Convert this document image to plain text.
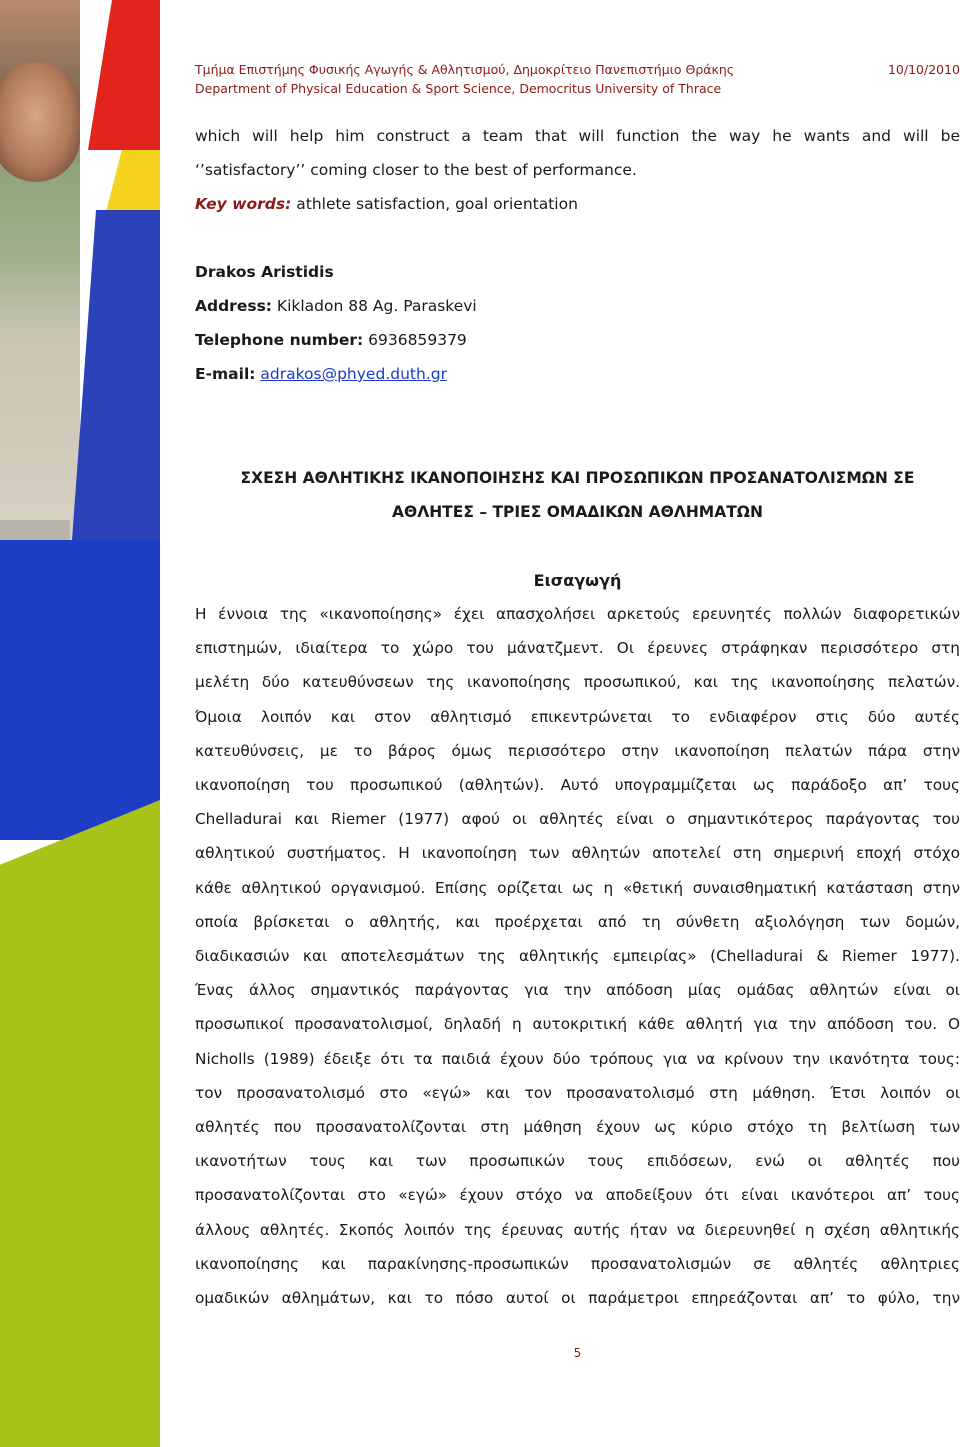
Τμήμα Επιστήμης Φυσικής Αγωγής & Αθλητισμού, Δημοκρίτειο Πανεπιστήμιο Θράκης
Department of Physical Education & Sport Science, Democritus University of Thrace
10/10/2010
which will help him construct a team that will function the way he wants and will be
‘’satisfactory’’ coming closer to the best of performance.
Key words: athlete satisfaction, goal orientation
Drakos Aristidis
Address: Kikladon 88 Ag. Paraskevi
Telephone number: 6936859379
E-mail: adrakos@phyed.duth.gr
ΣΧΕΣΗ ΑΘΛΗΤΙΚΗΣ ΙΚΑΝΟΠΟΙΗΣΗΣ ΚΑΙ ΠΡΟΣΩΠΙΚΩΝ ΠΡΟΣΑΝΑΤΟΛΙΣΜΩΝ ΣΕ
ΑΘΛΗΤΕΣ – ΤΡΙΕΣ ΟΜΑΔΙΚΩΝ ΑΘΛΗΜΑΤΩΝ
Εισαγωγή
Η έννοια της «ικανοποίησης» έχει απασχολήσει αρκετούς ερευνητές πολλών διαφορετικών
επιστημών, ιδιαίτερα το χώρο του μάνατζμεντ. Οι έρευνες στράφηκαν περισσότερο στη
μελέτη δύο κατευθύνσεων της ικανοποίησης προσωπικού, και της ικανοποίησης πελατών.
Όμοια λοιπόν και στον αθλητισμό επικεντρώνεται το ενδιαφέρον στις δύο αυτές
κατευθύνσεις, με το βάρος όμως περισσότερο στην ικανοποίηση πελατών πάρα στην
ικανοποίηση του προσωπικού (αθλητών). Αυτό υπογραμμίζεται ως παράδοξο απ’ τους
Chelladurai και Riemer (1977) αφού οι αθλητές είναι ο σημαντικότερος παράγοντας του
αθλητικού συστήματος. Η ικανοποίηση των αθλητών αποτελεί στη σημερινή εποχή στόχο
κάθε αθλητικού οργανισμού. Επίσης ορίζεται ως η «θετική συναισθηματική κατάσταση στην
οποία βρίσκεται ο αθλητής, και προέρχεται από τη σύνθετη αξιολόγηση των δομών,
διαδικασιών και αποτελεσμάτων της αθλητικής εμπειρίας» (Chelladurai & Riemer 1977).
Ένας άλλος σημαντικός παράγοντας για την απόδοση μίας ομάδας αθλητών είναι οι
προσωπικοί προσανατολισμοί, δηλαδή η αυτοκριτική κάθε αθλητή για την απόδοση του. Ο
Nicholls (1989) έδειξε ότι τα παιδιά έχουν δύο τρόπους για να κρίνουν την ικανότητα τους:
τον προσανατολισμό στο «εγώ» και τον προσανατολισμό στη μάθηση. Έτσι λοιπόν οι
αθλητές που προσανατολίζονται στη μάθηση έχουν ως κύριο στόχο τη βελτίωση των
ικανοτήτων τους και των προσωπικών τους επιδόσεων, ενώ οι αθλητές που
προσανατολίζονται στο «εγώ» έχουν στόχο να αποδείξουν ότι είναι ικανότεροι απ’ τους
άλλους αθλητές. Σκοπός λοιπόν της έρευνας αυτής ήταν να διερευνηθεί η σχέση αθλητικής
ικανοποίησης και παρακίνησης-προσωπικών προσανατολισμών σε αθλητές αθλητριες
ομαδικών αθλημάτων, και το πόσο αυτοί οι παράμετροι επηρεάζονται απ’ το φύλο, την
5
